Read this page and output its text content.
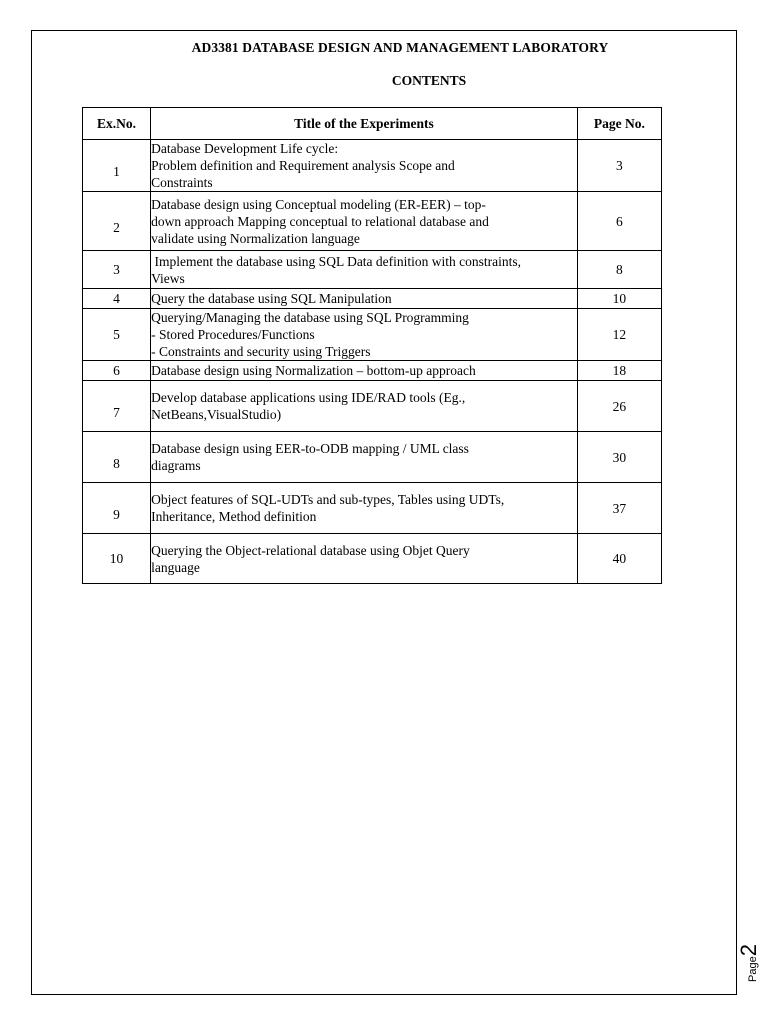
AD3381 DATABASE DESIGN AND MANAGEMENT LABORATORY
CONTENTS
Ex.No.	Title of the Experiments	Page No.
1	Database Development Life cycle:
Problem definition and Requirement analysis Scope and
Constraints	3
2	Database design using Conceptual modeling (ER-EER) – top-
down approach Mapping conceptual to relational database and
validate using Normalization language	6
3	Implement the database using SQL Data definition with constraints,
Views	8
4	Query the database using SQL Manipulation	10
5	Querying/Managing the database using SQL Programming
- Stored Procedures/Functions
- Constraints and security using Triggers	12
6	Database design using Normalization – bottom-up approach	18
7	Develop database applications using IDE/RAD tools (Eg.,
NetBeans,VisualStudio)	26
8	Database design using EER-to-ODB mapping / UML class
diagrams	30
9	Object features of SQL-UDTs and sub-types, Tables using UDTs,
Inheritance, Method definition	37
10	Querying the Object-relational database using Objet Query
language	40
Page2
